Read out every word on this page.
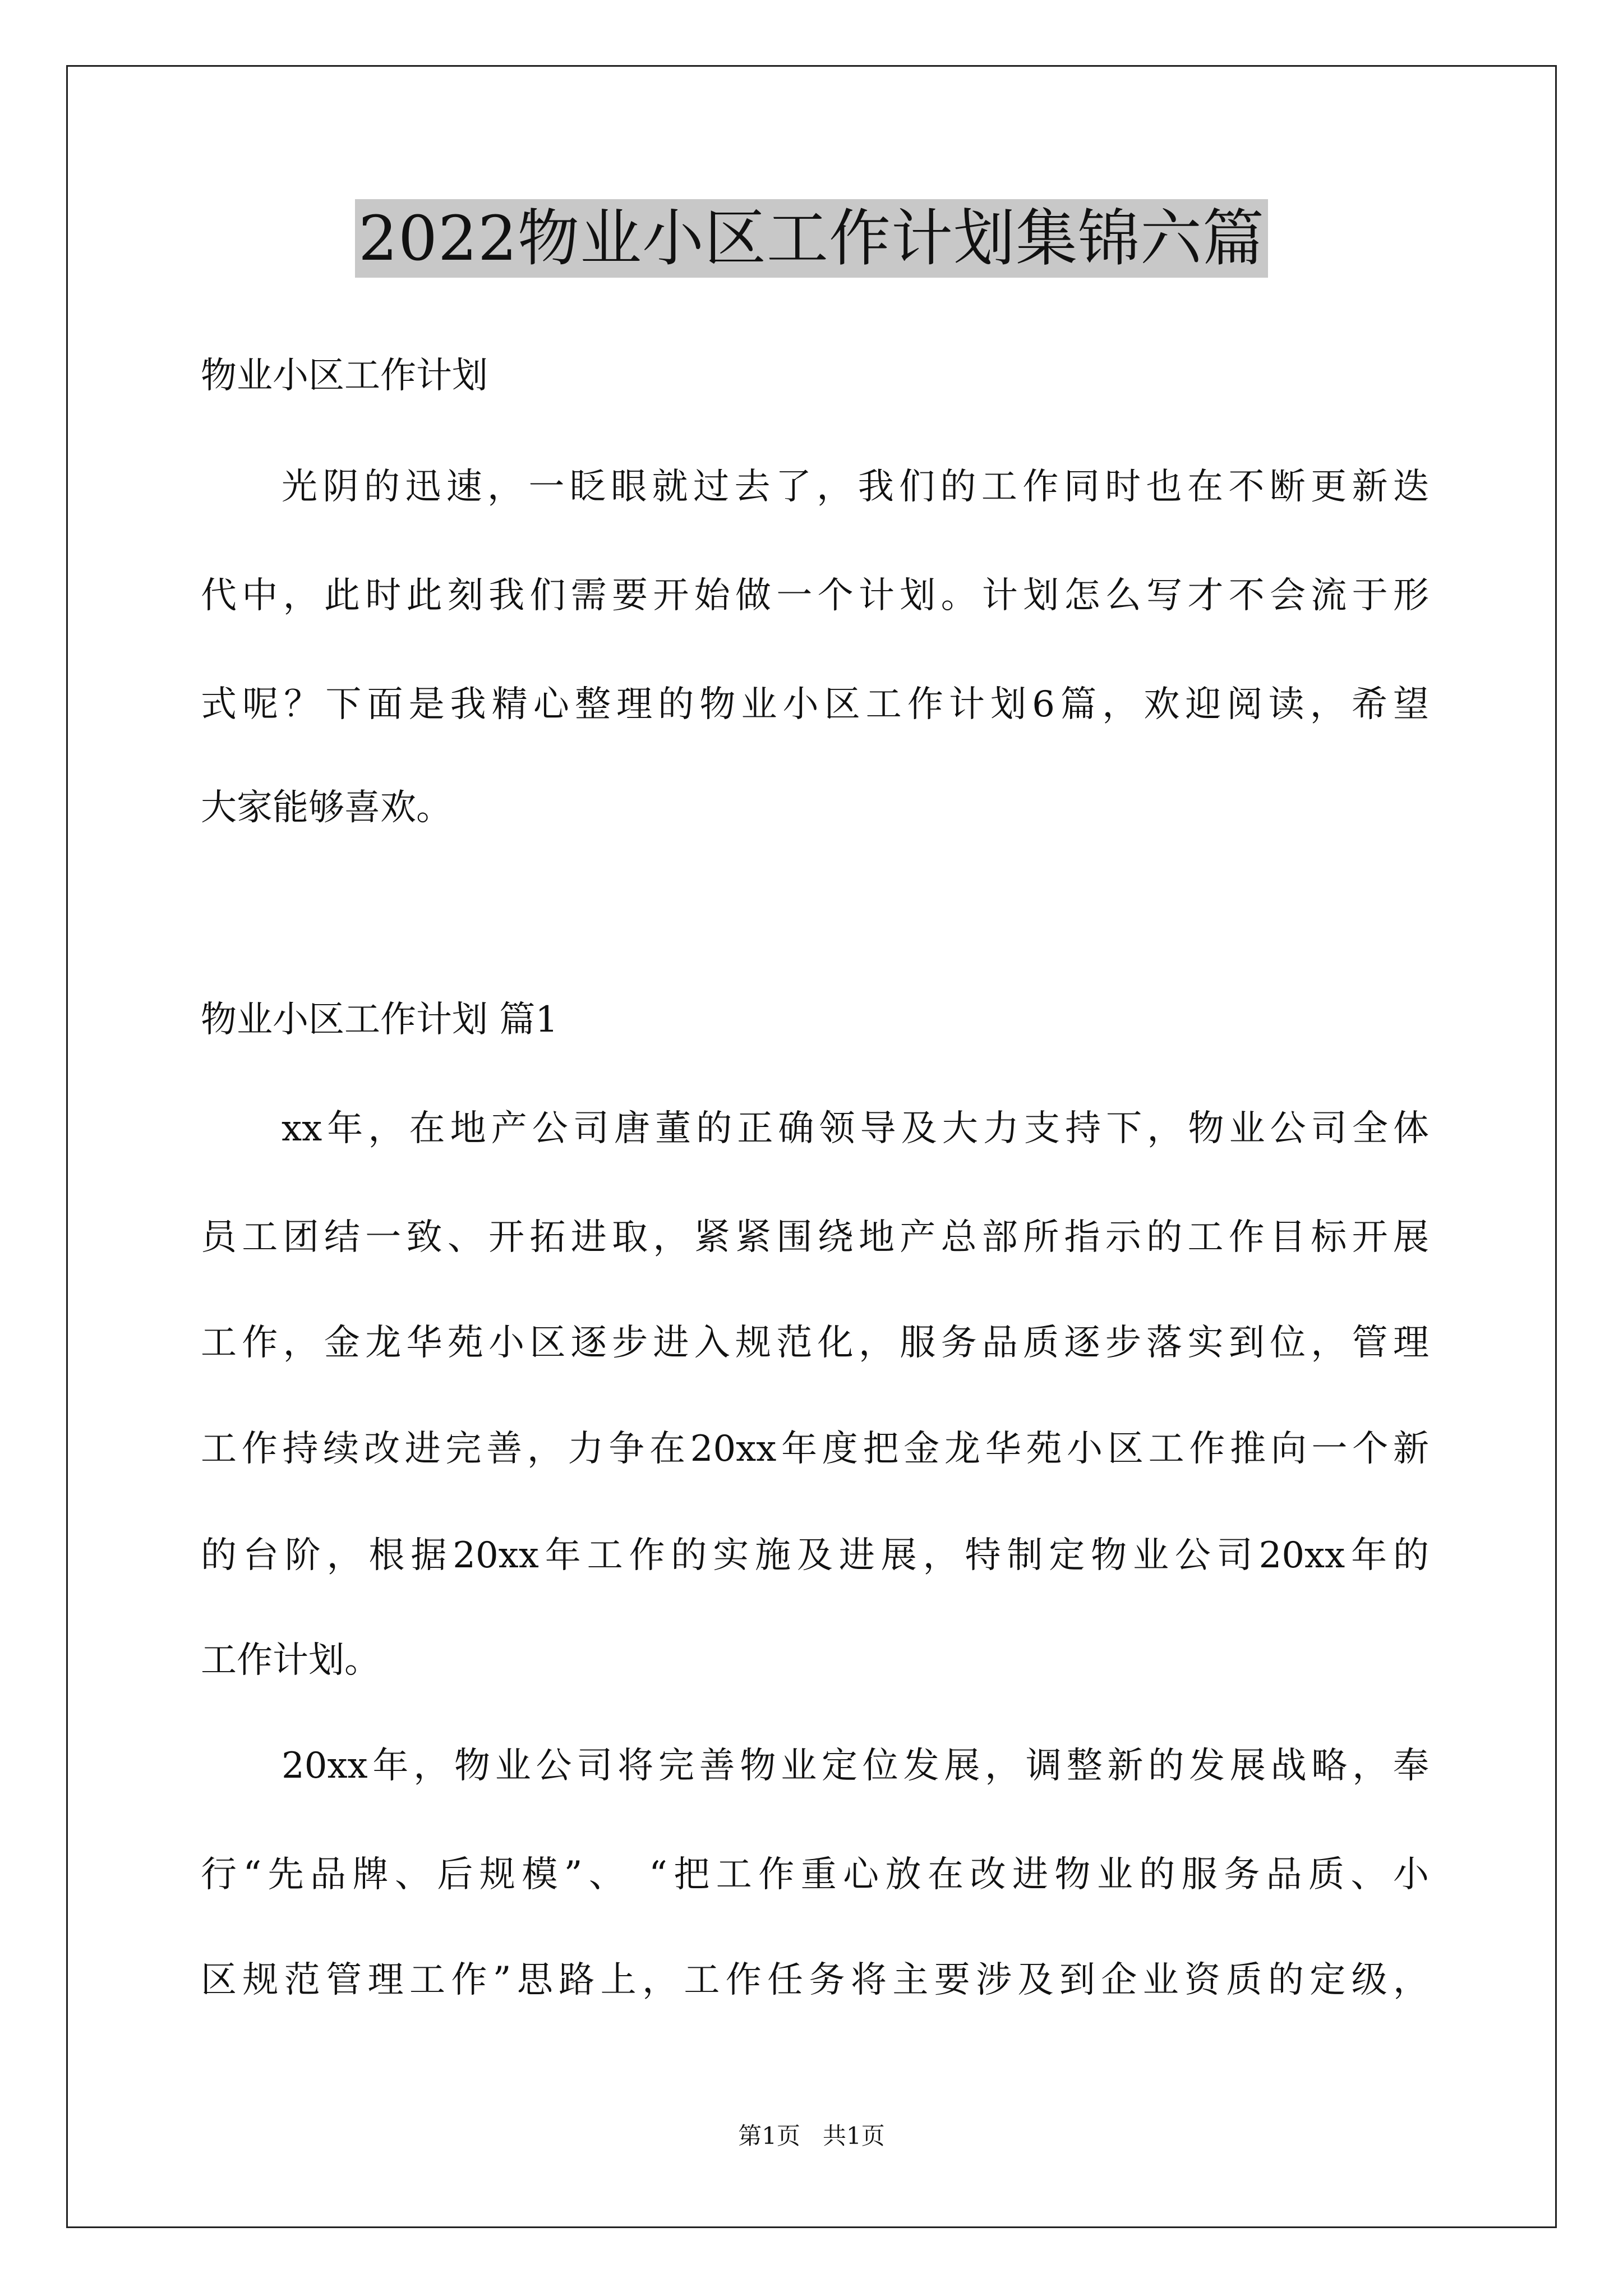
2022物业小区工作计划集锦六篇
物业小区工作计划
光阴的迅速，一眨眼就过去了，我们的工作同时也在不断更新迭
代中，此时此刻我们需要开始做一个计划。计划怎么写才不会流于形
式呢？下面是我精心整理的物业小区工作计划6篇，欢迎阅读，希望
大家能够喜欢。
物业小区工作计划 篇1
xx年，在地产公司唐董的正确领导及大力支持下，物业公司全体
员工团结一致、开拓进取，紧紧围绕地产总部所指示的工作目标开展
工作，金龙华苑小区逐步进入规范化，服务品质逐步落实到位，管理
工作持续改进完善，力争在20xx年度把金龙华苑小区工作推向一个新
的台阶，根据20xx年工作的实施及进展，特制定物业公司20xx年的
工作计划。
20xx年，物业公司将完善物业定位发展，调整新的发展战略，奉
行“先品牌、后规模”、 “把工作重心放在改进物业的服务品质、小
区规范管理工作”思路上，工作任务将主要涉及到企业资质的定级，
第1页   共1页
